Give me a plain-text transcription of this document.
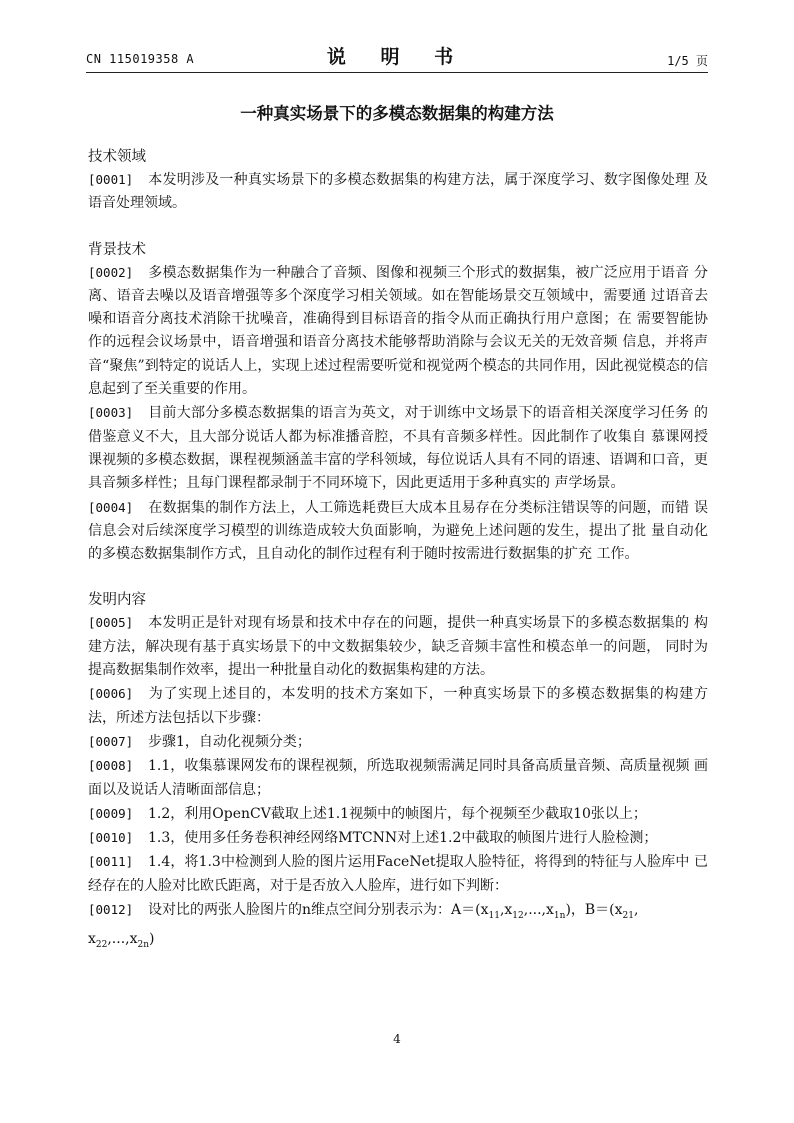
CN 115019358 A	说 明 书	1/5 页
一种真实场景下的多模态数据集的构建方法
技术领域

[0001] 本发明涉及一种真实场景下的多模态数据集的构建方法，属于深度学习、数字图像处理 及语音处理领域。

背景技术

[0002] 多模态数据集作为一种融合了音频、图像和视频三个形式的数据集，被广泛应用于语音 分离、语音去噪以及语音增强等多个深度学习相关领域。如在智能场景交互领域中，需要通 过语音去噪和语音分离技术消除干扰噪音，准确得到目标语音的指令从而正确执行用户意图；在 需要智能协作的远程会议场景中，语音增强和语音分离技术能够帮助消除与会议无关的无效音频 信息，并将声音“聚焦”到特定的说话人上，实现上述过程需要听觉和视觉两个模态的共同作用，因此视觉模态的信息起到了至关重要的作用。

[0003] 目前大部分多模态数据集的语言为英文，对于训练中文场景下的语音相关深度学习任务 的借鉴意义不大，且大部分说话人都为标准播音腔，不具有音频多样性。因此制作了收集自 慕课网授课视频的多模态数据，课程视频涵盖丰富的学科领域，每位说话人具有不同的语速、语调和口音，更具音频多样性；且每门课程都录制于不同环境下，因此更适用于多种真实的 声学场景。

[0004] 在数据集的制作方法上，人工筛选耗费巨大成本且易存在分类标注错误等的问题，而错 误信息会对后续深度学习模型的训练造成较大负面影响，为避免上述问题的发生，提出了批 量自动化的多模态数据集制作方式，且自动化的制作过程有利于随时按需进行数据集的扩充 工作。

发明内容

[0005] 本发明正是针对现有场景和技术中存在的问题，提供一种真实场景下的多模态数据集的 构建方法，解决现有基于真实场景下的中文数据集较少，缺乏音频丰富性和模态单一的问题， 同时为提高数据集制作效率，提出一种批量自动化的数据集构建的方法。

[0006] 为了实现上述目的，本发明的技术方案如下，一种真实场景下的多模态数据集的构建方 法，所述方法包括以下步骤：

[0007] 步骤1，自动化视频分类；

[0008] 1.1，收集慕课网发布的课程视频，所选取视频需满足同时具备高质量音频、高质量视频 画面以及说话人清晰面部信息；

[0009] 1.2，利用OpenCV截取上述1.1视频中的帧图片，每个视频至少截取10张以上；

[0010] 1.3，使用多任务卷积神经网络MTCNN对上述1.2中截取的帧图片进行人脸检测；

[0011] 1.4，将1.3中检测到人脸的图片运用FaceNet提取人脸特征，将得到的特征与人脸库中 已经存在的人脸对比欧氏距离，对于是否放入人脸库，进行如下判断：

[0012] 设对比的两张人脸图片的n维点空间分别表示为：$A=(x_{11},x_{12},...,x_{1n})$，$B=(x_{21}$,
$x_{22},...,x_{2n}$)

4
